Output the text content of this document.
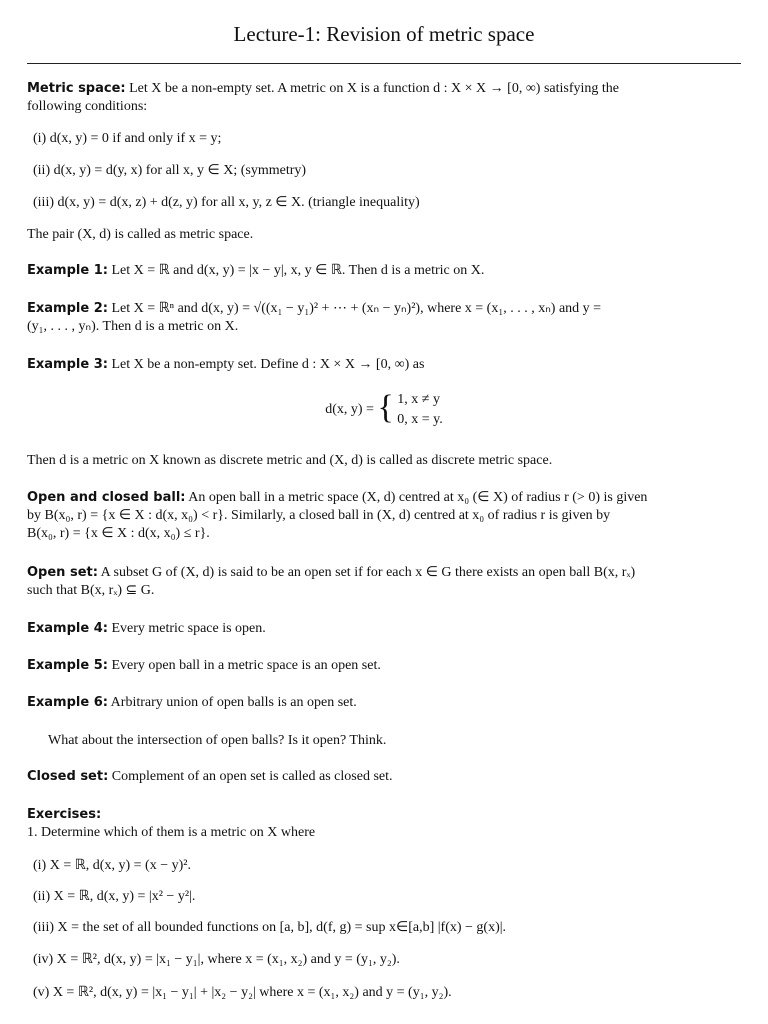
Lecture-1: Revision of metric space
Metric space: Let X be a non-empty set. A metric on X is a function d : X × X → [0, ∞) satisfying the
following conditions:
(i) d(x, y) = 0 if and only if x = y;
(ii) d(x, y) = d(y, x) for all x, y ∈ X; (symmetry)
(iii) d(x, y) = d(x, z) + d(z, y) for all x, y, z ∈ X. (triangle inequality)
The pair (X, d) is called as metric space.
Example 1: Let X = ℝ and d(x, y) = |x − y|, x, y ∈ ℝ. Then d is a metric on X.
Example 2: Let X = ℝⁿ and d(x, y) = √((x₁ − y₁)² + ⋯ + (xₙ − yₙ)²), where x = (x₁, . . . , xₙ) and y =
(y₁, . . . , yₙ). Then d is a metric on X.
Example 3: Let X be a non-empty set. Define d : X × X → [0, ∞) as
d(x, y) = { 1, x ≠ y
0, x = y.
Then d is a metric on X known as discrete metric and (X, d) is called as discrete metric space.
Open and closed ball: An open ball in a metric space (X, d) centred at x₀ (∈ X) of radius r (> 0) is given
by B(x₀, r) = {x ∈ X : d(x, x₀) < r}. Similarly, a closed ball in (X, d) centred at x₀ of radius r is given by
B(x₀, r) = {x ∈ X : d(x, x₀) ≤ r}.
Open set: A subset G of (X, d) is said to be an open set if for each x ∈ G there exists an open ball B(x, rₓ)
such that B(x, rₓ) ⊆ G.
Example 4: Every metric space is open.
Example 5: Every open ball in a metric space is an open set.
Example 6: Arbitrary union of open balls is an open set.
What about the intersection of open balls? Is it open? Think.
Closed set: Complement of an open set is called as closed set.
Exercises:
1. Determine which of them is a metric on X where
(i) X = ℝ, d(x, y) = (x − y)².
(ii) X = ℝ, d(x, y) = |x² − y²|.
(iii) X = the set of all bounded functions on [a, b], d(f, g) = sup x∈[a,b] |f(x) − g(x)|.
(iv) X = ℝ², d(x, y) = |x₁ − y₁|, where x = (x₁, x₂) and y = (y₁, y₂).
(v) X = ℝ², d(x, y) = |x₁ − y₁| + |x₂ − y₂| where x = (x₁, x₂) and y = (y₁, y₂).
